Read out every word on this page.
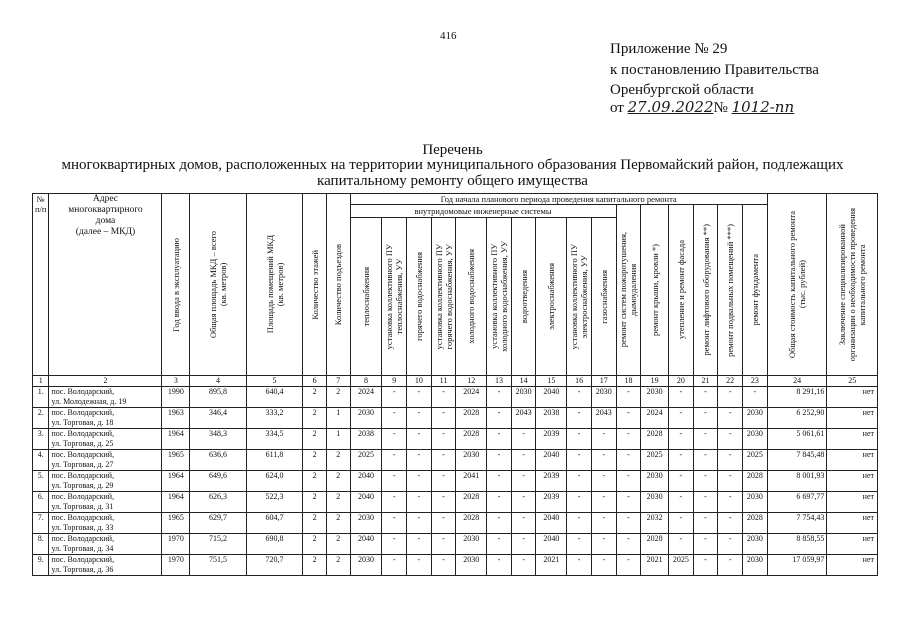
416
Приложение № 29
к постановлению Правительства
Оренбургской области
от 27.09.2022№ 1012-пп
Перечень
многоквартирных домов, расположенных на территории муниципального образования Первомайский район, подлежащих
капитальному ремонту общего имущества
№
п/п	Адрес
многоквартирного
дома
(далее – МКД)	Год ввода в эксплуатацию	Общая площадь МКД – всего
(кв. метров)	Площадь помещений МКД
(кв. метров)	Количество этажей	Количество подъездов	Год начала планового периода проведения капитального ремонта																Общая стоимость капитального ремонта
(тыс. рублей)	Заключение специализированной
организации о необходимости проведения
капитального ремонта

							внутридомовые инженерные системы										ремонт систем пожаротушения,
дымоудаления	ремонт крыши, кровли *)	утепление и ремонт фасада	ремонт лифтового оборудования **)	ремонт подвальных помещений ***)	ремонт фундамента		

							теплоснабжения	установка коллективного ПУ
теплоснабжения, УУ	горячего водоснабжения	установка коллективного ПУ
горячего водоснабжения, УУ	холодного водоснабжения	установка коллективного ПУ
холодного водоснабжения, УУ	водоотведения	электроснабжения	установка коллективного ПУ
электроснабжения, УУ	газоснабжения								

1	2	3	4	5	6	7	8	9	10	11	12	13	14	15	16	17	18	19	20	21	22	23	24	25
1.	пос. Володарский,
ул. Молодежная, д. 19	1990	895,8	640,4	2	2	2024	-	-	-	2024	-	2030	2040	-	2030	-	2030	-	-	-	-	8 291,16	нет
2.	пос. Володарский,
ул. Торговая, д. 18	1963	346,4	333,2	2	1	2030	-	-	-	2028	-	2043	2038	-	2043	-	2024	-	-	-	2030	6 252,90	нет
3.	пос. Володарский,
ул. Торговая, д. 25	1964	348,3	334,5	2	1	2038	-	-	-	2028	-	-	2039	-	-	-	2028	-	-	-	2030	5 061,61	нет
4.	пос. Володарский,
ул. Торговая, д. 27	1965	636,6	611,8	2	2	2025	-	-	-	2030	-	-	2040	-	-	-	2025	-	-	-	2025	7 845,48	нет
5.	пос. Володарский,
ул. Торговая, д. 29	1964	649,6	624,0	2	2	2040	-	-	-	2041	-	-	2039	-	-	-	2030	-	-	-	2028	8 001,93	нет
6.	пос. Володарский,
ул. Торговая, д. 31	1964	626,3	522,3	2	2	2040	-	-	-	2028	-	-	2039	-	-	-	2030	-	-	-	2030	6 697,77	нет
7.	пос. Володарский,
ул. Торговая, д. 33	1965	629,7	604,7	2	2	2030	-	-	-	2028	-	-	2040	-	-	-	2032	-	-	-	2028	7 754,43	нет
8.	пос. Володарский,
ул. Торговая, д. 34	1970	715,2	690,8	2	2	2040	-	-	-	2030	-	-	2040	-	-	-	2028	-	-	-	2030	8 858,55	нет
9.	пос. Володарский,
ул. Торговая, д. 36	1970	751,5	720,7	2	2	2030	-	-	-	2030	-	-	2021	-	-	-	2021	2025	-	-	2030	17 059,97	нет
